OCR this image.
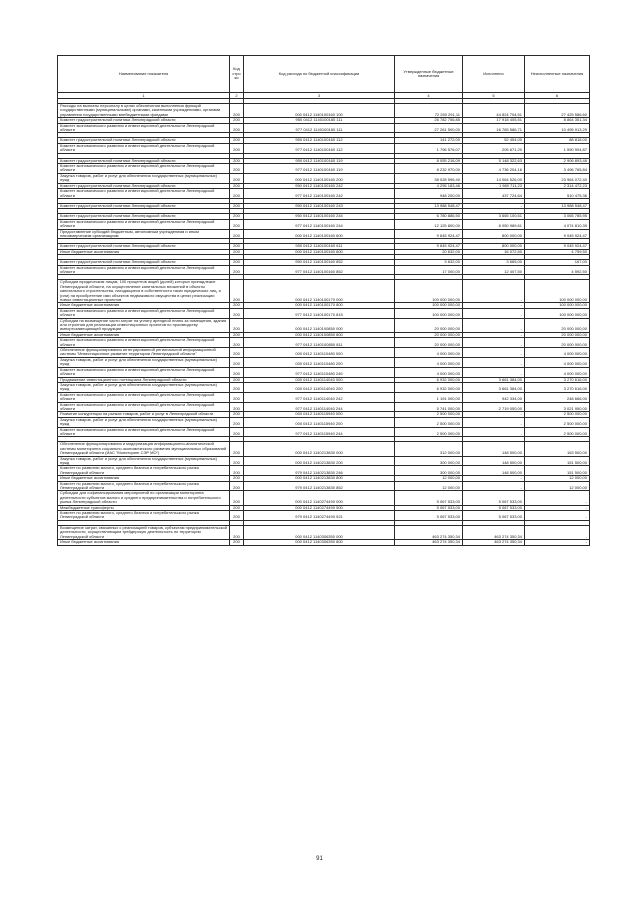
Наименование показателя	Код стро ки	Код расхода по бюджетной классификации	Утвержденные бюджетные назначения	Исполнено	Неисполненные назначения
1	2	3	4	5	6

Расходы на выплаты персоналу в целях обеспечения выполнения функций государственными (муниципальными) органами, казенными учреждениями, органами управления государственными внебюджетными фондами	200	000 0412 1140100160 100	72 250 291,11	44 824 704,51	27 425 586,60
Комитет градостроительной политики Ленинградской области	200	950 0412 1140100160 111	26 782 756,85	17 918 405,51	8 864 351,34
Комитет экономического развития и инвестиционной деятельности Ленинградской области	200	977 0412 1140100160 111	27 261 500,00	16 765 586,71	10 495 913,29

Комитет градостроительной политики Ленинградской области	200	950 0412 1140100160 112	141 272,00	52 454,00	88 818,00
Комитет экономического развития и инвестиционной деятельности Ленинградской области	200	977 0412 1140100160 112	1 796 576,07	205 671,20	1 590 904,87

Комитет градостроительной политики Ленинградской области	200	950 0412 1140100160 119	8 055 216,09	5 148 322,63	2 906 893,46
Комитет экономического развития и инвестиционной деятельности Ленинградской области	200	977 0412 1140100160 119	8 232 970,00	4 736 204,16	3 496 765,84
Закупка товаров, работ и услуг для обеспечения государственных (муниципальных) нужд	200	000 0412 1140100160 200	38 028 596,40	14 064 526,00	23 964 072,40
Комитет градостроительной политики Ленинградской области	200	950 0412 1140100160 242	4 295 183,46	1 980 711,23	2 314 472,23
Комитет экономического развития и инвестиционной деятельности Ленинградской области	200	977 0412 1140100160 242	948 200,00	437 724,64	510 475,36

Комитет градостроительной политики Ленинградской области	200	950 0412 1140100160 243	13 988 548,47	-	13 988 548,47

Комитет градостроительной политики Ленинградской области	200	950 0412 1140100160 244	6 780 886,50	3 665 100,61	3 065 785,95
Комитет экономического развития и инвестиционной деятельности Ленинградской области	200	977 0412 1140100160 244	12 125 800,00	8 050 989,61	4 074 810,39
Предоставление субсидий бюджетным, автономным учреждениям и иным некоммерческим организациям	200	000 0412 1140100160 600	9 845 924,47	800 000,00	9 045 924,47

Комитет градостроительной политики Ленинградской области	200	950 0412 1140100160 611	9 845 924,47	800 000,00	9 045 924,47
Иные бюджетные ассигнования	200	000 0412 1140100160 800	20 632,00	16 072,50	4 759,50

Комитет градостроительной политики Ленинградской области	200	950 0412 1140100160 852	3 632,00	3 665,00	167,00
Комитет экономического развития и инвестиционной деятельности Ленинградской области	200	977 0412 1140100160 852	17 000,00	12 407,50	4 592,50

Субсидии юридическим лицам, 100 процентов акций (долей) которых принадлежит Ленинградской области, на осуществление капитальных вложений в объекты капитального строительства, находящиеся в собственности таких юридических лиц, и (или) на приобретение ими объектов недвижимого имущества в целях реализации новых инвестиционных проектов	200	000 0412 1140100170 000	100 000 000,00	-	100 000 000,00
Иные бюджетные ассигнования	200	000 0412 1140100170 800	100 000 000,00	-	100 000 000,00
Комитет экономического развития и инвестиционной деятельности Ленинградской области	200	977 0412 1140100170 815	100 000 000,00	-	100 000 000,00
Субсидии на возмещение части затрат на уплату арендной платы за помещения, здания или строения для реализации инвестиционных проектов по производству импортозамещающей продукции	200	000 0412 1140100850 000	20 000 000,00	-	20 000 000,00
Иные бюджетные ассигнования	200	000 0412 1140100850 800	20 000 000,00	-	20 000 000,00
Комитет экономического развития и инвестиционной деятельности Ленинградской области	200	977 0412 1140100850 811	20 000 000,00	-	20 000 000,00
Обеспечение функционирования интегрированной региональной информационной системы "Инвестиционное развитие территории Ленинградской области"	200	000 0412 1140110480 000	4 000 000,00	-	4 000 000,00
Закупка товаров, работ и услуг для обеспечения государственных (муниципальных) нужд	200	000 0412 1140110480 200	4 000 000,00	-	4 000 000,00
Комитет экономического развития и инвестиционной деятельности Ленинградской области	200	977 0412 1140110480 246	4 000 000,00	-	4 000 000,00
Продвижение инвестиционного потенциала Ленинградской области	200	000 0412 1140114040 000	6 932 000,00	3 661 384,00	3 270 616,00
Закупка товаров, работ и услуг для обеспечения государственных (муниципальных) нужд	200	000 0412 1140114040 200	6 932 000,00	3 661 384,00	3 270 616,00
Комитет экономического развития и инвестиционной деятельности Ленинградской области	200	977 0412 1140114040 242	1 191 000,00	942 334,00	248 666,00
Комитет экономического развития и инвестиционной деятельности Ленинградской области	200	977 0412 1140114040 244	5 741 000,00	2 719 050,00	3 021 950,00
Развитие конкуренции на рынках товаров, работ и услуг в Ленинградской области	200	000 0412 1140115940 000	2 500 000,00	-	2 500 000,00
Закупка товаров, работ и услуг для обеспечения государственных (муниципальных) нужд	200	000 0412 1140115940 200	2 500 000,00	-	2 500 000,00
Комитет экономического развития и инвестиционной деятельности Ленинградской области	200	977 0412 1140115940 244	2 500 000,00	-	2 500 000,00

Обеспечение функционирования и модернизация информационно-аналитической системы мониторинга социально-экономического развития муниципальных образований Ленинградской области (ИАС "Мониторинг СЭР МО")	200	000 0412 1140213830 000	312 000,00	148 500,00	163 500,00
Закупка товаров, работ и услуг для обеспечения государственных (муниципальных) нужд	200	000 0412 1140213830 200	300 000,00	148 500,00	151 500,00
Комитет по развитию малого, среднего бизнеса и потребительского рынка Ленинградской области	200	979 0412 1140213830 246	300 000,00	148 500,00	151 500,00
Иные бюджетные ассигнования	200	000 0412 1140213830 800	12 000,00	-	12 000,00
Комитет по развитию малого, среднего бизнеса и потребительского рынка Ленинградской области	200	979 0412 1140213830 852	12 000,00	-	12 000,00
Субсидии для софинансирования мероприятий по организации мониторинга деятельности субъектов малого и среднего предпринимательства и потребительского рынка Ленинградской области	200	000 0412 1140274490 000	5 067 533,00	5 067 533,00	-
Межбюджетные трансферты	200	000 0412 1140274490 500	5 067 533,00	5 067 533,00	-
Комитет по развитию малого, среднего бизнеса и потребительского рынка Ленинградской области	200	979 0412 1140274490 521	5 067 533,00	5 067 533,00	-

Возмещение затрат, связанных с реализацией товаров, субъектам предпринимательской деятельности, осуществляющим трейдерскую деятельность по территории Ленинградской области	200	000 0412 1140306350 000	463 274 350,34	463 274 350,34	-
Иные бюджетные ассигнования	200	000 0412 1140306350 800	463 274 350,34	463 274 350,34	-
91
